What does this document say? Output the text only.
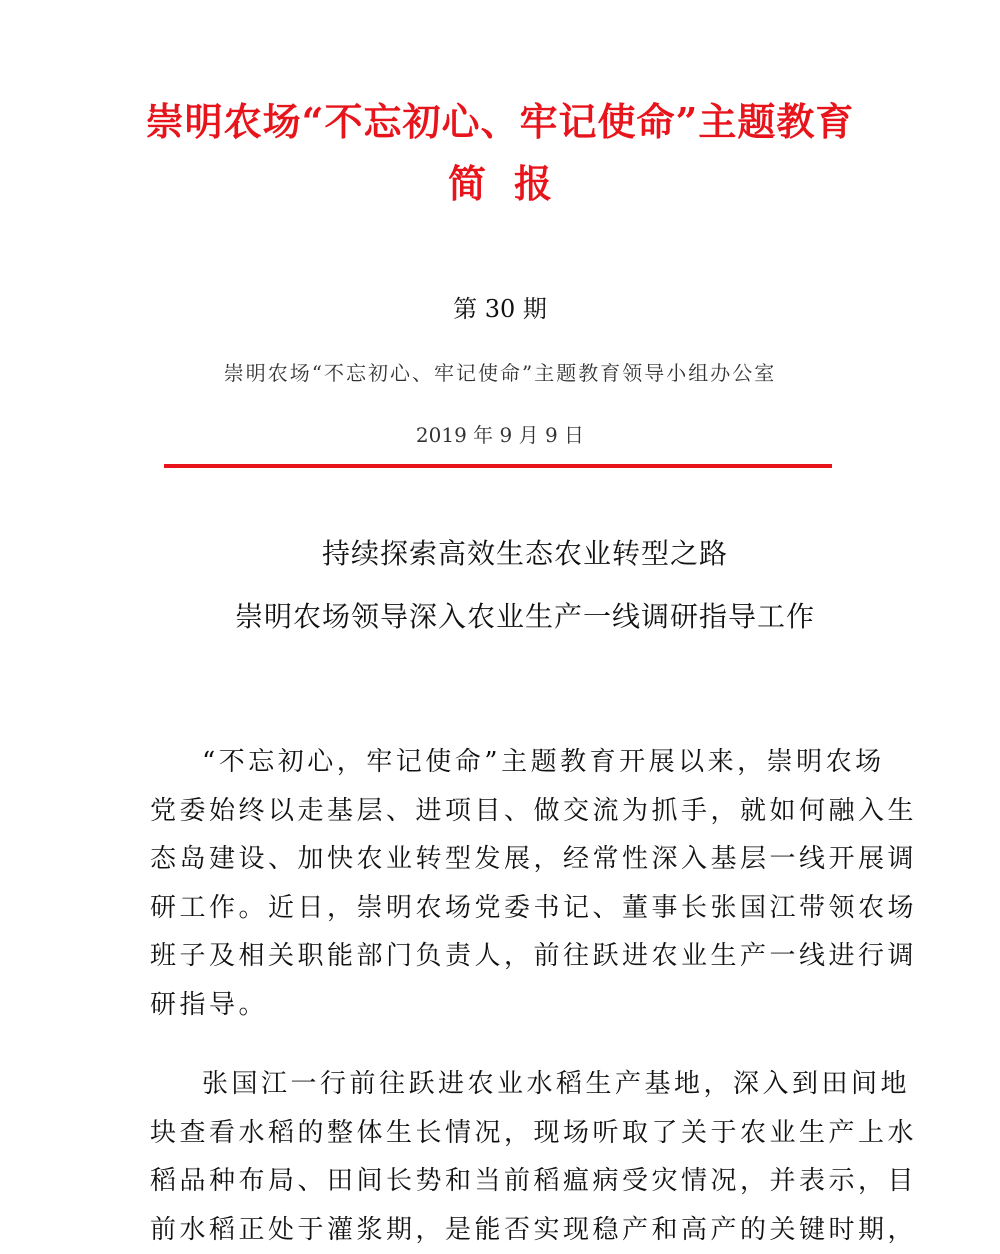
崇明农场“不忘初心、牢记使命”主题教育
简报
第 30 期
崇明农场“不忘初心、牢记使命”主题教育领导小组办公室
2019 年 9 月 9 日
持续探索高效生态农业转型之路
崇明农场领导深入农业生产一线调研指导工作
“不忘初心，牢记使命”主题教育开展以来，崇明农场
党委始终以走基层、进项目、做交流为抓手，就如何融入生
态岛建设、加快农业转型发展，经常性深入基层一线开展调
研工作。近日，崇明农场党委书记、董事长张国江带领农场
班子及相关职能部门负责人，前往跃进农业生产一线进行调
研指导。
张国江一行前往跃进农业水稻生产基地，深入到田间地
块查看水稻的整体生长情况，现场听取了关于农业生产上水
稻品种布局、田间长势和当前稻瘟病受灾情况，并表示，目
前水稻正处于灌浆期，是能否实现稳产和高产的关键时期，
